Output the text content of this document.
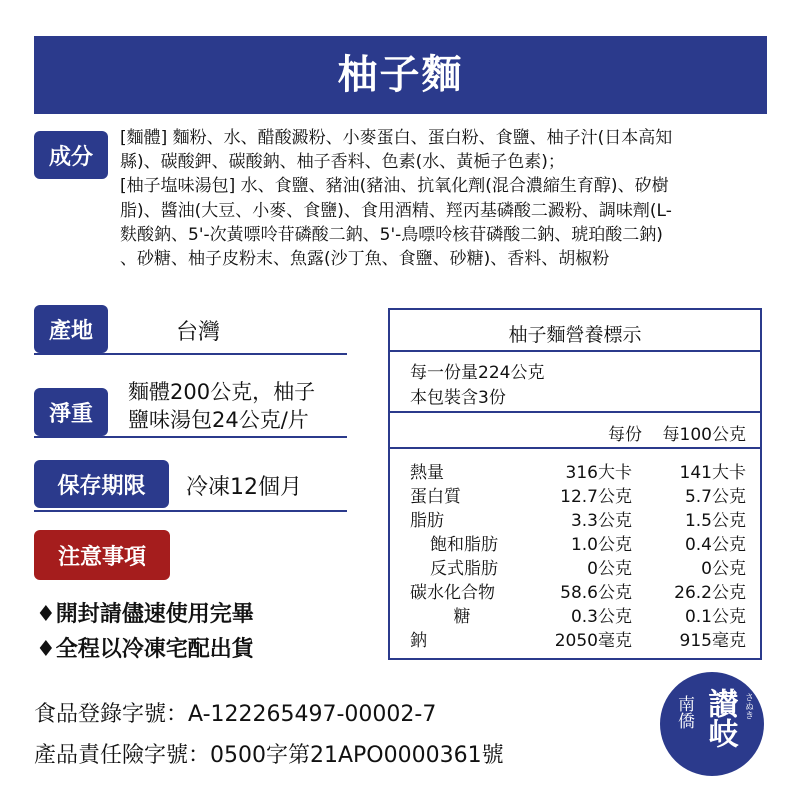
柚子麵
成分

[麵體] 麵粉、水、醋酸澱粉、小麥蛋白、蛋白粉、食鹽、柚子汁(日本高知

縣)、碳酸鉀、碳酸鈉、柚子香料、色素(水、黃梔子色素)；

[柚子塩味湯包] 水、食鹽、豬油(豬油、抗氧化劑(混合濃縮生育醇)、矽樹

脂)、醬油(大豆、小麥、食鹽)、食用酒精、羥丙基磷酸二澱粉、調味劑(L-

麩酸鈉、5'-次黃嘌呤苷磷酸二鈉、5'-鳥嘌呤核苷磷酸二鈉、琥珀酸二鈉)

、砂糖、柚子皮粉末、魚露(沙丁魚、食鹽、砂糖)、香料、胡椒粉

產地	台灣
淨重
麵體200公克，柚子
鹽味湯包24公克/片
保存期限	冷凍12個月
注意事項
♦開封請儘速使用完畢
♦全程以冷凍宅配出貨
柚子麵營養標示
每一份量224公克
本包裝含3份
每份 每100公克
熱量	316大卡	141大卡
蛋白質	12.7公克	5.7公克
脂肪	3.3公克	1.5公克
飽和脂肪	1.0公克	0.4公克
反式脂肪	0公克	0公克
碳水化合物	58.6公克 26.2公克
糖	0.3公克	0.1公克
鈉	2050毫克	915毫克
食品登錄字號：A-122265497-00002-7
產品責任險字號：0500字第21APO0000361號
讃岐
南僑	さぬき
